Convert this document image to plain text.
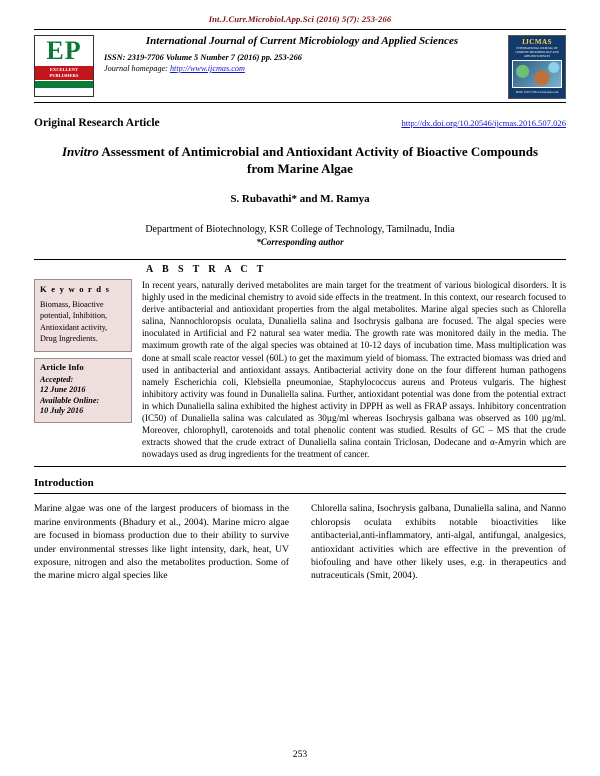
Int.J.Curr.Microbiol.App.Sci (2016) 5(7): 253-266
EP
EXCELLENT PUBLISHERS
International Journal of Current Microbiology and Applied Sciences
ISSN: 2319-7706 Volume 5 Number 7 (2016) pp. 253-266
Journal homepage: http://www.ijcmas.com
IJCMAS
INTERNATIONAL JOURNAL OF CURRENT MICROBIOLOGY AND APPLIED SCIENCES
ISSN: 2319-7706 www.ijcmas.com
Original Research Article	http://dx.doi.org/10.20546/ijcmas.2016.507.026
Invitro Assessment of Antimicrobial and Antioxidant Activity of Bioactive Compounds from Marine Algae
S. Rubavathi* and M. Ramya
Department of Biotechnology, KSR College of Technology, Tamilnadu, India
*Corresponding author
A B S T R A C T
K e y w o r d s
Biomass, Bioactive potential, Inhibition, Antioxidant activity, Drug Ingredients.
Article Info
Accepted:
12 June 2016
Available Online:
10 July 2016
In recent years, naturally derived metabolites are main target for the treatment of various biological disorders. It is highly used in the medicinal chemistry to avoid side effects in the treatment. In this context, our research focused to derive antibacterial and antioxidant properties from the algal metabolites. Marine algal species such as Chlorella salina, Nannochloropsis oculata, Dunaliella salina and Isochrysis galbana are focused. The algal species were inoculated in Artificial and F2 natural sea water media. The growth rate was monitored daily in the media. The maximum growth rate of the algal species was obtained at 10-12 days of incubation time. Mass multiplication was done at small scale reactor vessel (60L) to get the maximum yield of biomass. The extracted biomass was dried and used in antibacterial and antioxidant assays. Antibacterial activity done on the four different human pathogens namely Escherichia coli, Klebsiella pneumoniae, Staphylococcus aureus and Proteus vulgaris. The highest inhibitory activity was found in Dunaliella salina. Further, antioxidant potential was done from the potential extract in which Dunaliella salina exhibited the highest activity in DPPH as well as FRAP assays. Inhibitory concentration (IC50) of Dunaliella salina was calculated as 30µg/ml whereas Isochrysis galbana was observed as 100 µg/ml. Moreover, chlorophyll, carotenoids and total phenolic content was studied. Results of GC – MS that the crude extracts showed that the crude extract of Dunaliella salina contain Triclosan, Dodecane and α-Amyrin which are nowadays used as drug ingredients for the treatment of cancer.
Introduction
Marine algae was one of the largest producers of biomass in the marine environments (Bhadury et al., 2004). Marine micro algae are focused in biomass production due to their ability to survive under environmental stresses like light intensity, dark, heat, UV exposure, nitrogen and also the metabolites production. Some of the marine micro algal species like
Chlorella salina, Isochrysis galbana, Dunaliella salina, and Nanno chloropsis oculata exhibits notable bioactivities like antibacterial,anti-inflammatory, anti-algal, antifungal, analgesics, antioxidant activities which are effective in the prevention of biofouling and have other likely uses, e.g. in therapeutics and nutraceuticals (Smit, 2004).
253
